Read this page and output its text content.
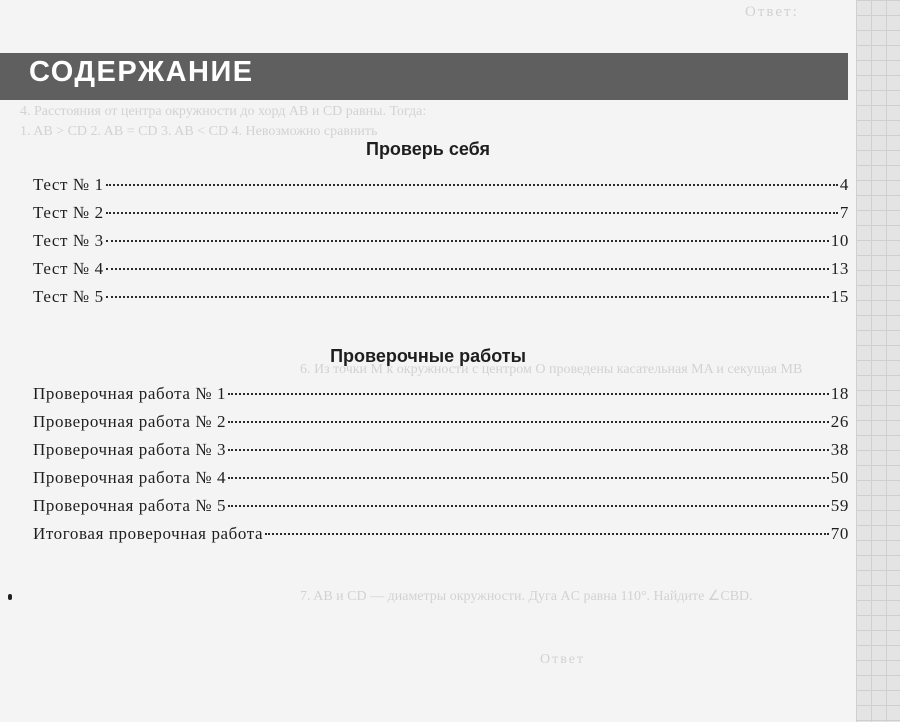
Ответ:
4. Расстояния от центра окружности до хорд AB и CD равны. Тогда:
1. AB > CD 2. AB = CD 3. AB < CD 4. Невозможно сравнить
6. Из точки M к окружности с центром O проведены касательная MA и секущая MB
7. AB и CD — диаметры окружности. Дуга AC равна 110°. Найдите ∠CBD.
Ответ
СОДЕРЖАНИЕ
Проверь себя
Тест № 1	4
Тест № 2	7
Тест № 3	10
Тест № 4	13
Тест № 5	15
Проверочные работы
Проверочная работа № 1	18
Проверочная работа № 2	26
Проверочная работа № 3	38
Проверочная работа № 4	50
Проверочная работа № 5	59
Итоговая проверочная работа	70
